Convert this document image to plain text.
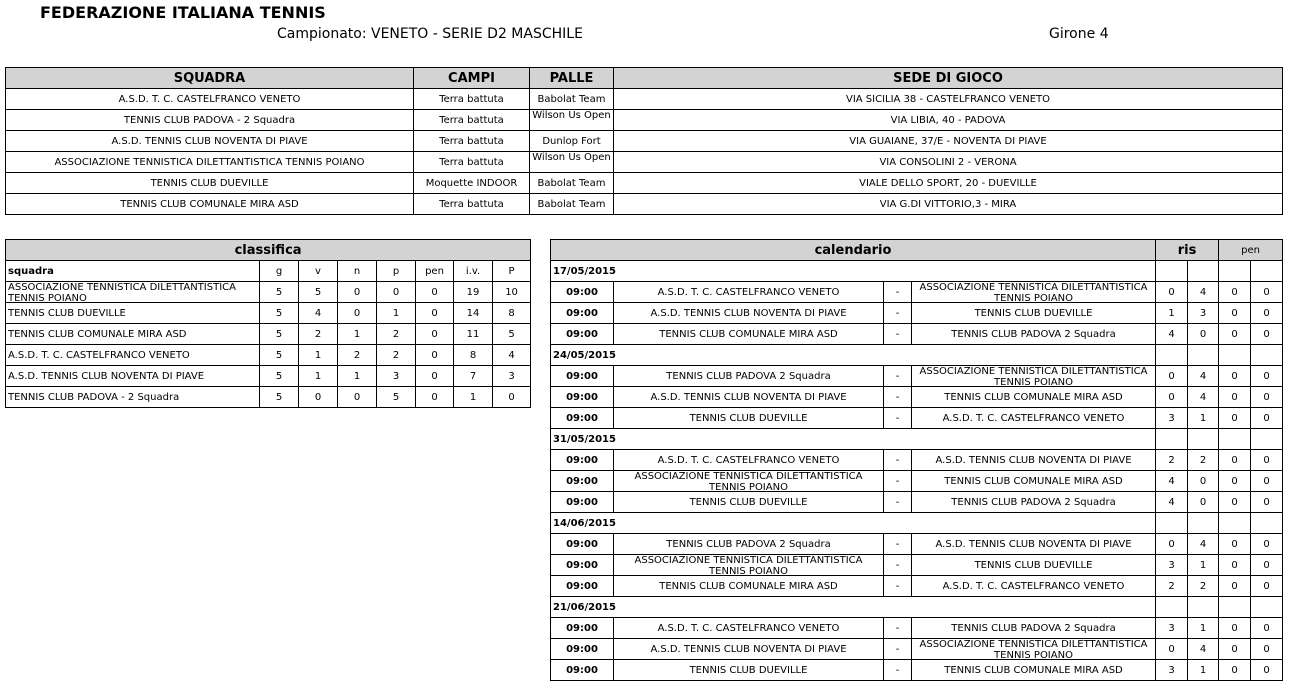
FEDERAZIONE ITALIANA TENNIS
Campionato: VENETO - SERIE D2 MASCHILE	Girone 4
SQUADRA	CAMPI	PALLE	SEDE DI GIOCO
A.S.D. T. C. CASTELFRANCO VENETO	Terra battuta	Babolat Team	VIA SICILIA 38 - CASTELFRANCO VENETO
TENNIS CLUB PADOVA - 2 Squadra	Terra battuta	Wilson Us Open	VIA LIBIA, 40 - PADOVA
A.S.D. TENNIS CLUB NOVENTA DI PIAVE	Terra battuta	Dunlop Fort	VIA GUAIANE, 37/E - NOVENTA DI PIAVE
ASSOCIAZIONE TENNISTICA DILETTANTISTICA TENNIS POIANO	Terra battuta	Wilson Us Open	VIA CONSOLINI 2 - VERONA
TENNIS CLUB DUEVILLE	Moquette INDOOR	Babolat Team	VIALE DELLO SPORT, 20 - DUEVILLE
TENNIS CLUB COMUNALE MIRA ASD	Terra battuta	Babolat Team	VIA G.DI VITTORIO,3 - MIRA
classifica							
squadra	g	v	n	p	pen	i.v.	P

ASSOCIAZIONE TENNISTICA DILETTANTISTICA TENNIS POIANO	5	5	0	0	0	19	10
TENNIS CLUB DUEVILLE	5	4	0	1	0	14	8
TENNIS CLUB COMUNALE MIRA ASD	5	2	1	2	0	11	5
A.S.D. T. C. CASTELFRANCO VENETO	5	1	2	2	0	8	4
A.S.D. TENNIS CLUB NOVENTA DI PIAVE	5	1	1	3	0	7	3
TENNIS CLUB PADOVA - 2 Squadra	5	0	0	5	0	1	0
calendario				ris		pen	
17/05/2015							
09:00	A.S.D. T. C. CASTELFRANCO VENETO	-	ASSOCIAZIONE TENNISTICA DILETTANTISTICA TENNIS POIANO	0	4	0	0
09:00	A.S.D. TENNIS CLUB NOVENTA DI PIAVE	-	TENNIS CLUB DUEVILLE	1	3	0	0
09:00	TENNIS CLUB COMUNALE MIRA ASD	-	TENNIS CLUB PADOVA 2 Squadra	4	0	0	0
24/05/2015							
09:00	TENNIS CLUB PADOVA 2 Squadra	-	ASSOCIAZIONE TENNISTICA DILETTANTISTICA TENNIS POIANO	0	4	0	0
09:00	A.S.D. TENNIS CLUB NOVENTA DI PIAVE	-	TENNIS CLUB COMUNALE MIRA ASD	0	4	0	0
09:00	TENNIS CLUB DUEVILLE	-	A.S.D. T. C. CASTELFRANCO VENETO	3	1	0	0
31/05/2015							
09:00	A.S.D. T. C. CASTELFRANCO VENETO	-	A.S.D. TENNIS CLUB NOVENTA DI PIAVE	2	2	0	0
09:00	ASSOCIAZIONE TENNISTICA DILETTANTISTICA TENNIS POIANO	-	TENNIS CLUB COMUNALE MIRA ASD	4	0	0	0
09:00	TENNIS CLUB DUEVILLE	-	TENNIS CLUB PADOVA 2 Squadra	4	0	0	0
14/06/2015							
09:00	TENNIS CLUB PADOVA 2 Squadra	-	A.S.D. TENNIS CLUB NOVENTA DI PIAVE	0	4	0	0
09:00	ASSOCIAZIONE TENNISTICA DILETTANTISTICA TENNIS POIANO	-	TENNIS CLUB DUEVILLE	3	1	0	0
09:00	TENNIS CLUB COMUNALE MIRA ASD	-	A.S.D. T. C. CASTELFRANCO VENETO	2	2	0	0
21/06/2015							
09:00	A.S.D. T. C. CASTELFRANCO VENETO	-	TENNIS CLUB PADOVA 2 Squadra	3	1	0	0
09:00	A.S.D. TENNIS CLUB NOVENTA DI PIAVE	-	ASSOCIAZIONE TENNISTICA DILETTANTISTICA TENNIS POIANO	0	4	0	0
09:00	TENNIS CLUB DUEVILLE	-	TENNIS CLUB COMUNALE MIRA ASD	3	1	0	0
